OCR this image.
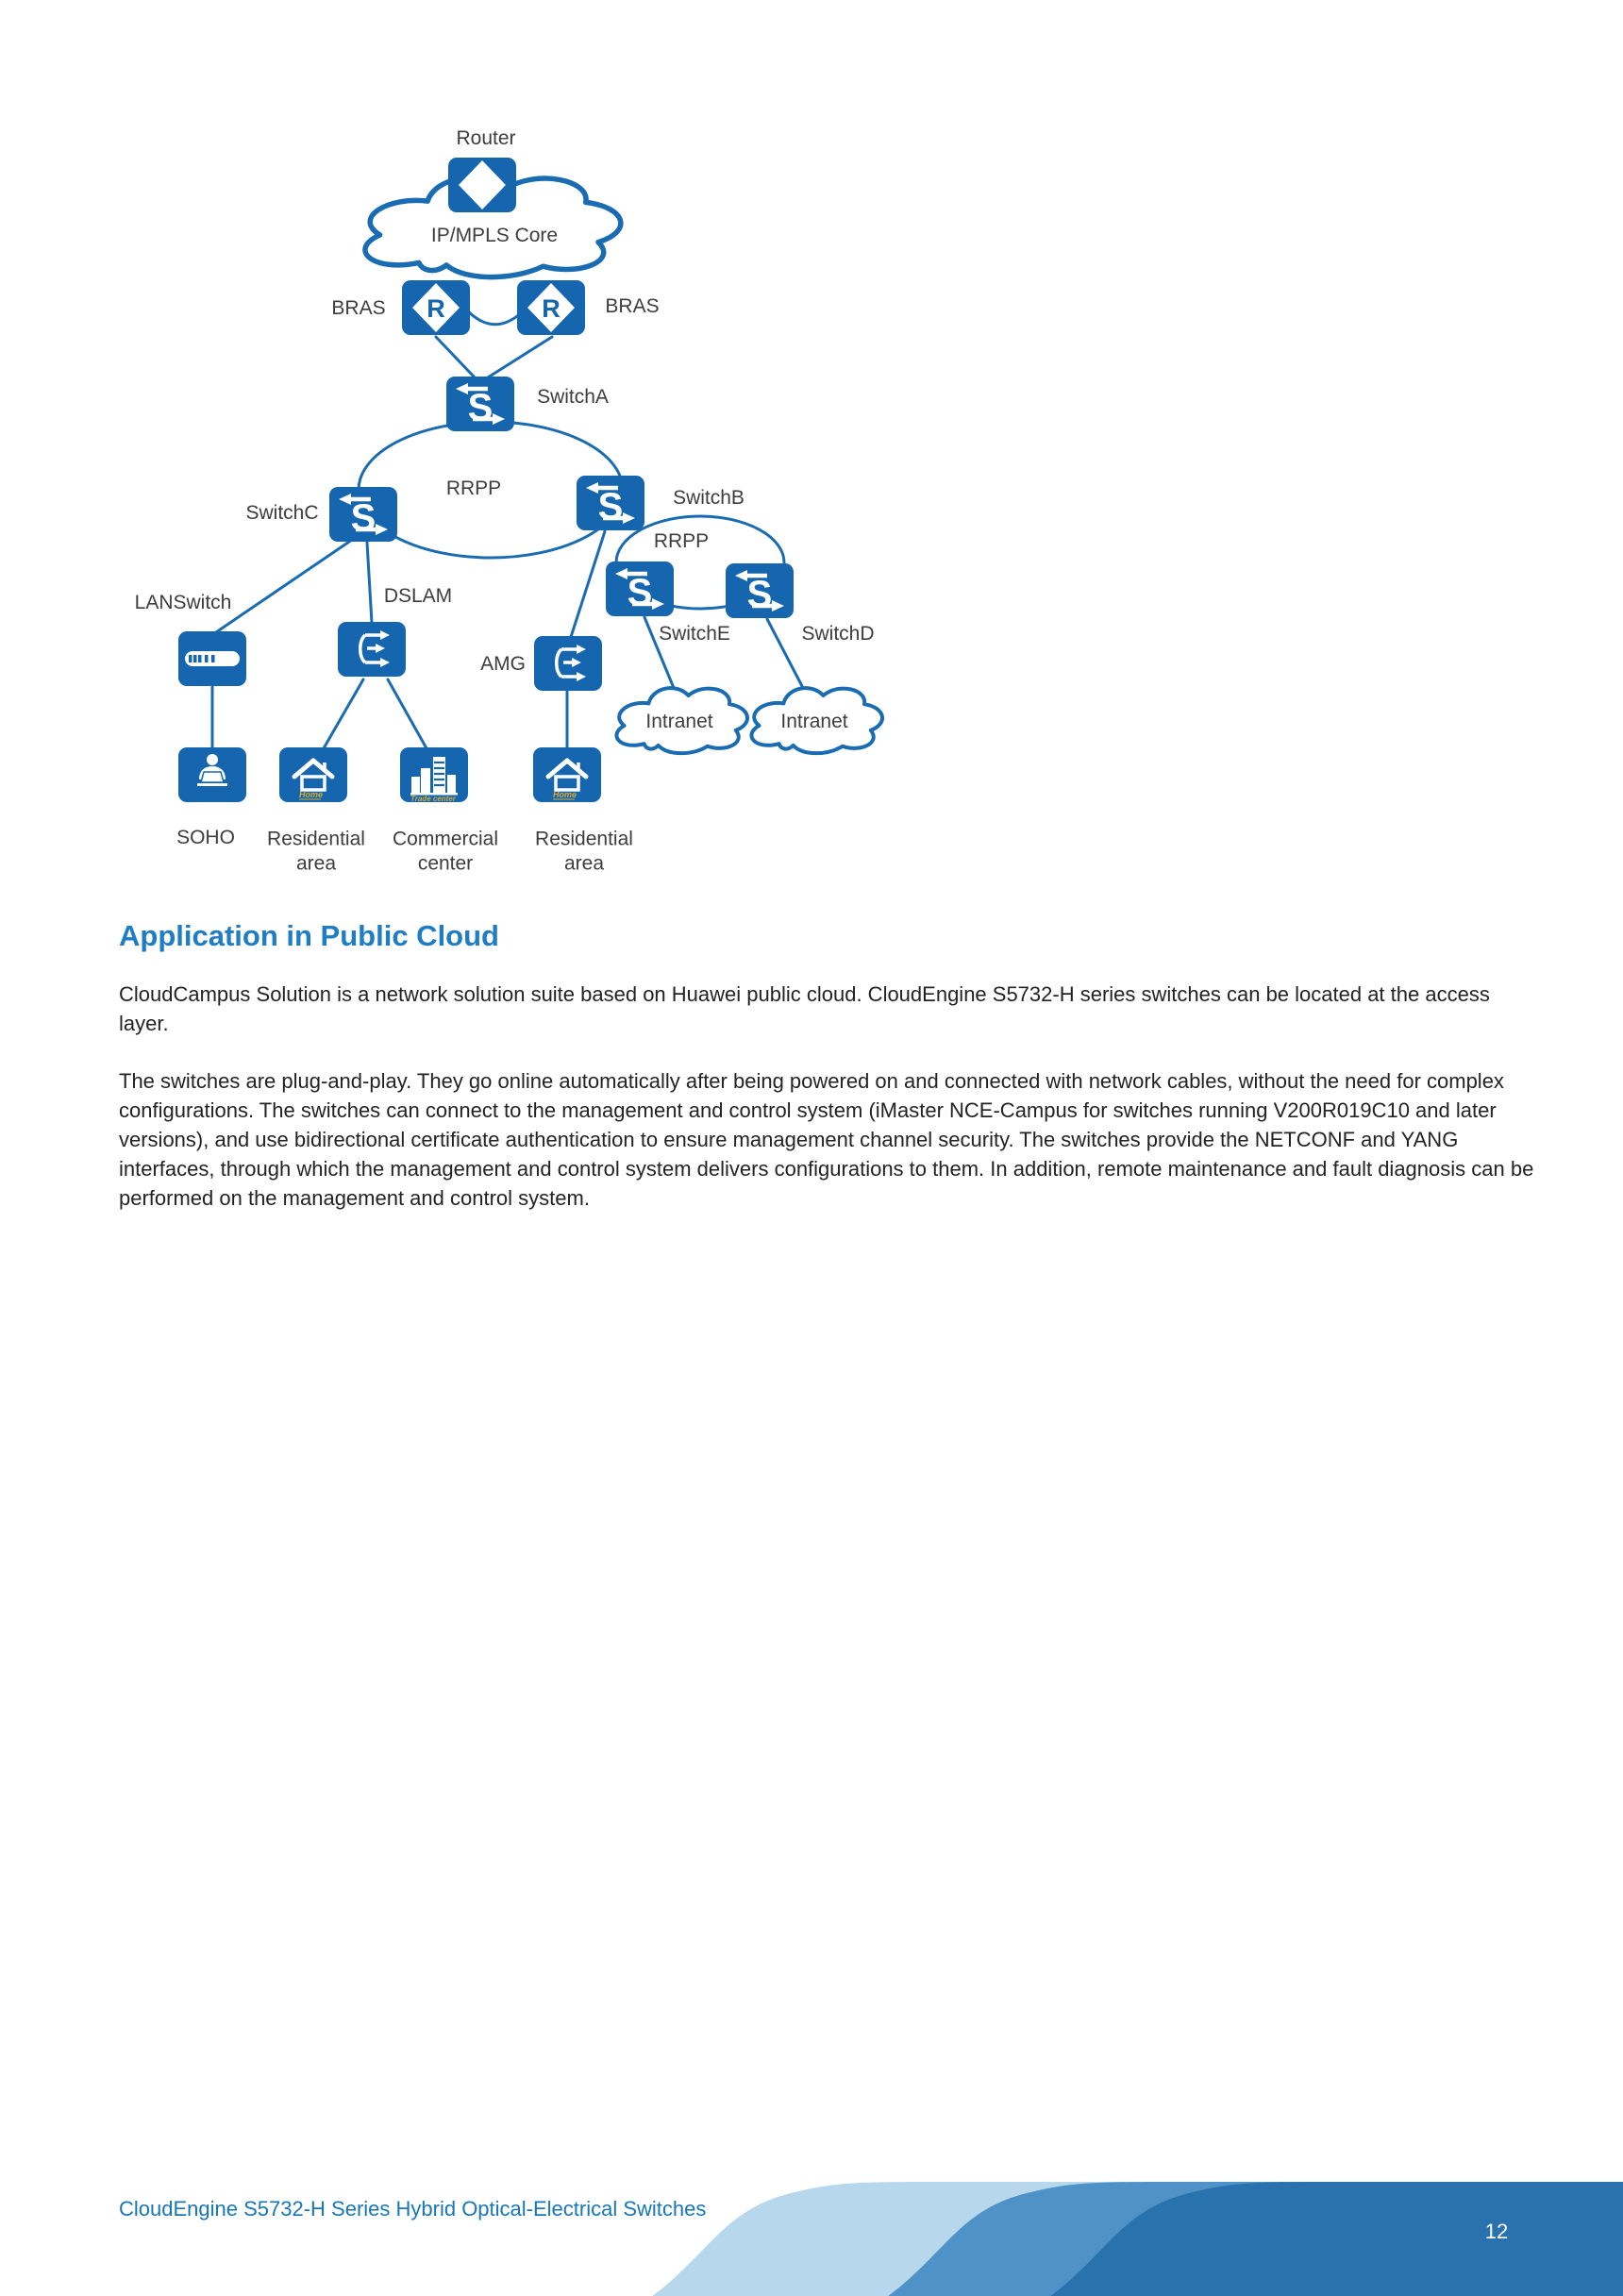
R	R
S
S	S
S	S
Home	Trade center	Home
Router
BRAS	BRAS
SwitchA
RRPP
SwitchC
SwitchB
RRPP
SwitchE	SwitchD
LANSwitch	DSLAM
AMG
SOHO	Residential area
Commercial center
Residential area
IP/MPLS Core
Intranet	Intranet
Application in Public Cloud

CloudCampus Solution is a network solution suite based on Huawei public cloud. CloudEngine S5732-H series switches can be located at the access layer.

The switches are plug-and-play. They go online automatically after being powered on and connected with network cables, without the need for complex configurations. The switches can connect to the management and control system (iMaster NCE-Campus for switches running V200R019C10 and later versions), and use bidirectional certificate authentication to ensure management channel security. The switches provide the NETCONF and YANG interfaces, through which the management and control system delivers configurations to them. In addition, remote maintenance and fault diagnosis can be performed on the management and control system.

CloudEngine S5732-H Series Hybrid Optical-Electrical Switches
12
